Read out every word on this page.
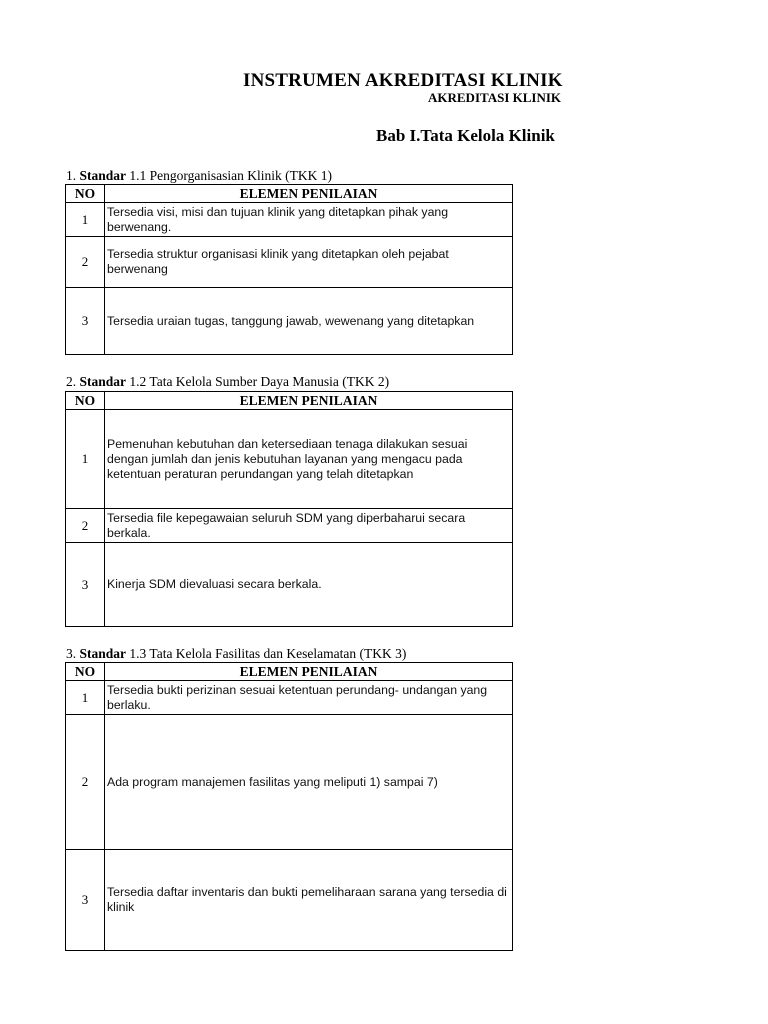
INSTRUMEN AKREDITASI KLINIK
AKREDITASI KLINIK
Bab I.Tata Kelola Klinik
1. Standar 1.1 Pengorganisasian Klinik (TKK 1)
NO	ELEMEN PENILAIAN
1	Tersedia visi, misi dan tujuan klinik yang ditetapkan pihak yang berwenang.
2	Tersedia struktur organisasi klinik yang ditetapkan oleh pejabat berwenang
3	Tersedia uraian tugas, tanggung jawab, wewenang yang ditetapkan
2. Standar 1.2 Tata Kelola Sumber Daya Manusia (TKK 2)
NO	ELEMEN PENILAIAN
1	Pemenuhan kebutuhan dan ketersediaan tenaga dilakukan sesuai dengan jumlah dan jenis kebutuhan layanan yang mengacu pada ketentuan peraturan perundangan yang telah ditetapkan
2	Tersedia file kepegawaian seluruh SDM yang diperbaharui secara berkala.
3	Kinerja SDM dievaluasi secara berkala.
3. Standar 1.3 Tata Kelola Fasilitas dan Keselamatan (TKK 3)
NO	ELEMEN PENILAIAN
1	Tersedia bukti perizinan sesuai ketentuan perundang- undangan yang berlaku.
2	Ada program manajemen fasilitas yang meliputi 1) sampai 7)
3	Tersedia daftar inventaris dan bukti pemeliharaan sarana yang tersedia di klinik
